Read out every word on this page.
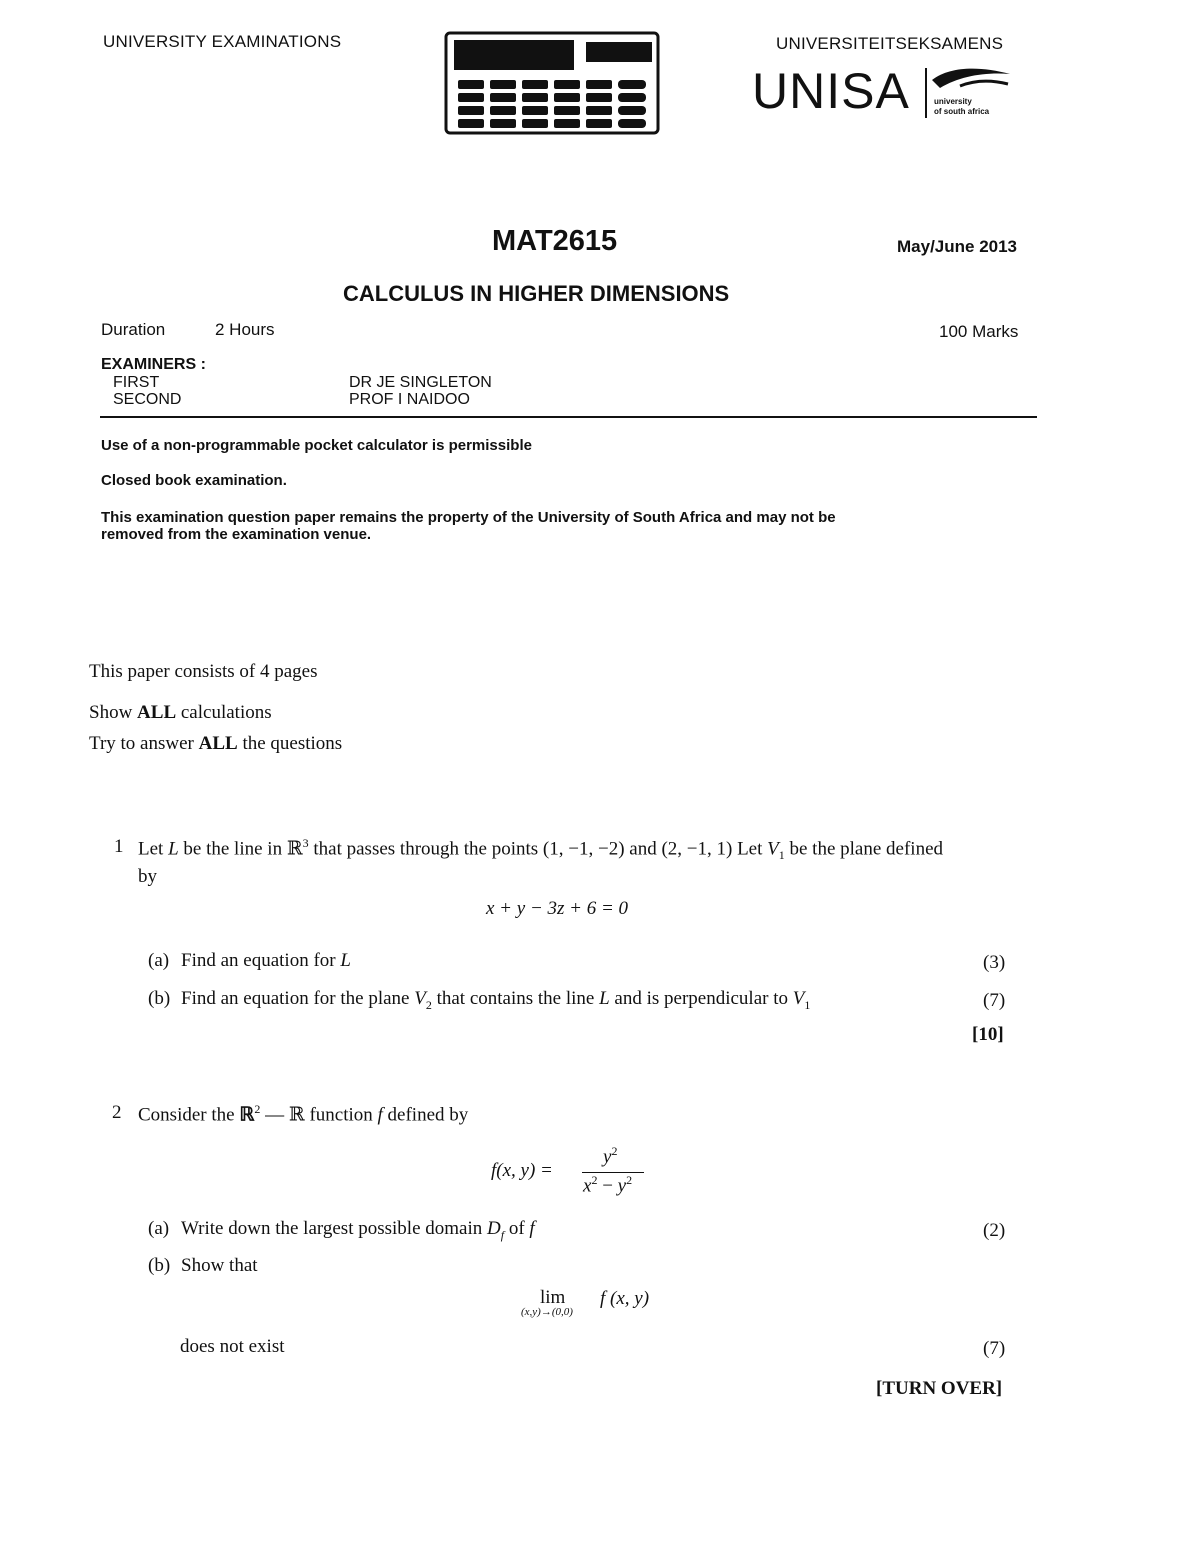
UNIVERSITY EXAMINATIONS	UNIVERSITEITSEKSAMENS
UNISA	university
of south africa
MAT2615	May/June 2013
CALCULUS IN HIGHER DIMENSIONS
Duration	2 Hours	100 Marks
EXAMINERS :
FIRST	DR JE SINGLETON
SECOND	PROF I NAIDOO
Use of a non-programmable pocket calculator is permissible
Closed book examination.
This examination question paper remains the property of the University of South Africa and may not be
removed from the examination venue.
This paper consists of 4 pages
Show ALL calculations
Try to answer ALL the questions
1 Let L be the line in ℝ$^3$ that passes through the points (1, −1, −2) and (2, −1, 1) Let $V_1$ be the plane defined
by
x + y − 3z + 6 = 0
(a) Find an equation for L	(3)
(b) Find an equation for the plane $V_2$ that contains the line L and is perpendicular to $V_1$	(7)
[10]
2 Consider the ℝ$^2$ — ℝ function f defined by
f(x, y) =
$y^2$
$x^2 - y^2$
(a) Write down the largest possible domain $D_f$ of f	(2)
(b) Show that
lim
(x,y)→(0,0)
f (x, y)
does not exist	(7)
[TURN OVER]
